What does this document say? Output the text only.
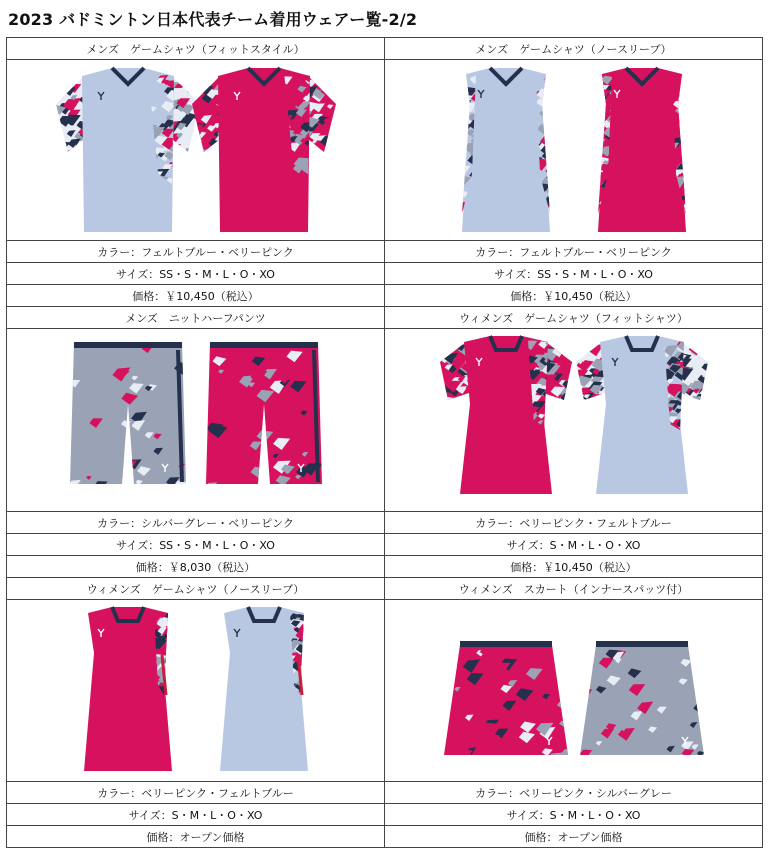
2023 バドミントン日本代表チーム着用ウェアー覧-2/2
メンズ　ゲームシャツ（フィットスタイル）	メンズ　ゲームシャツ（ノースリーブ）

カラー：フェルトブルー・ベリーピンク	カラー：フェルトブルー・ベリーピンク
サイズ：SS・S・M・L・O・XO	サイズ：SS・S・M・L・O・XO
価格：￥10,450（税込）	価格：￥10,450（税込）
メンズ　ニットハーフパンツ	ウィメンズ　ゲームシャツ（フィットシャツ）

カラー：シルバーグレー・ベリーピンク	カラー：ベリーピンク・フェルトブルー
サイズ：SS・S・M・L・O・XO	サイズ：S・M・L・O・XO
価格：￥8,030（税込）	価格：￥10,450（税込）
ウィメンズ　ゲームシャツ（ノースリーブ）	ウィメンズ　スカート（インナースパッツ付）

カラー：ベリーピンク・フェルトブルー	カラー：ベリーピンク・シルバーグレー
サイズ：S・M・L・O・XO	サイズ：S・M・L・O・XO
価格：オープン価格	価格：オープン価格
